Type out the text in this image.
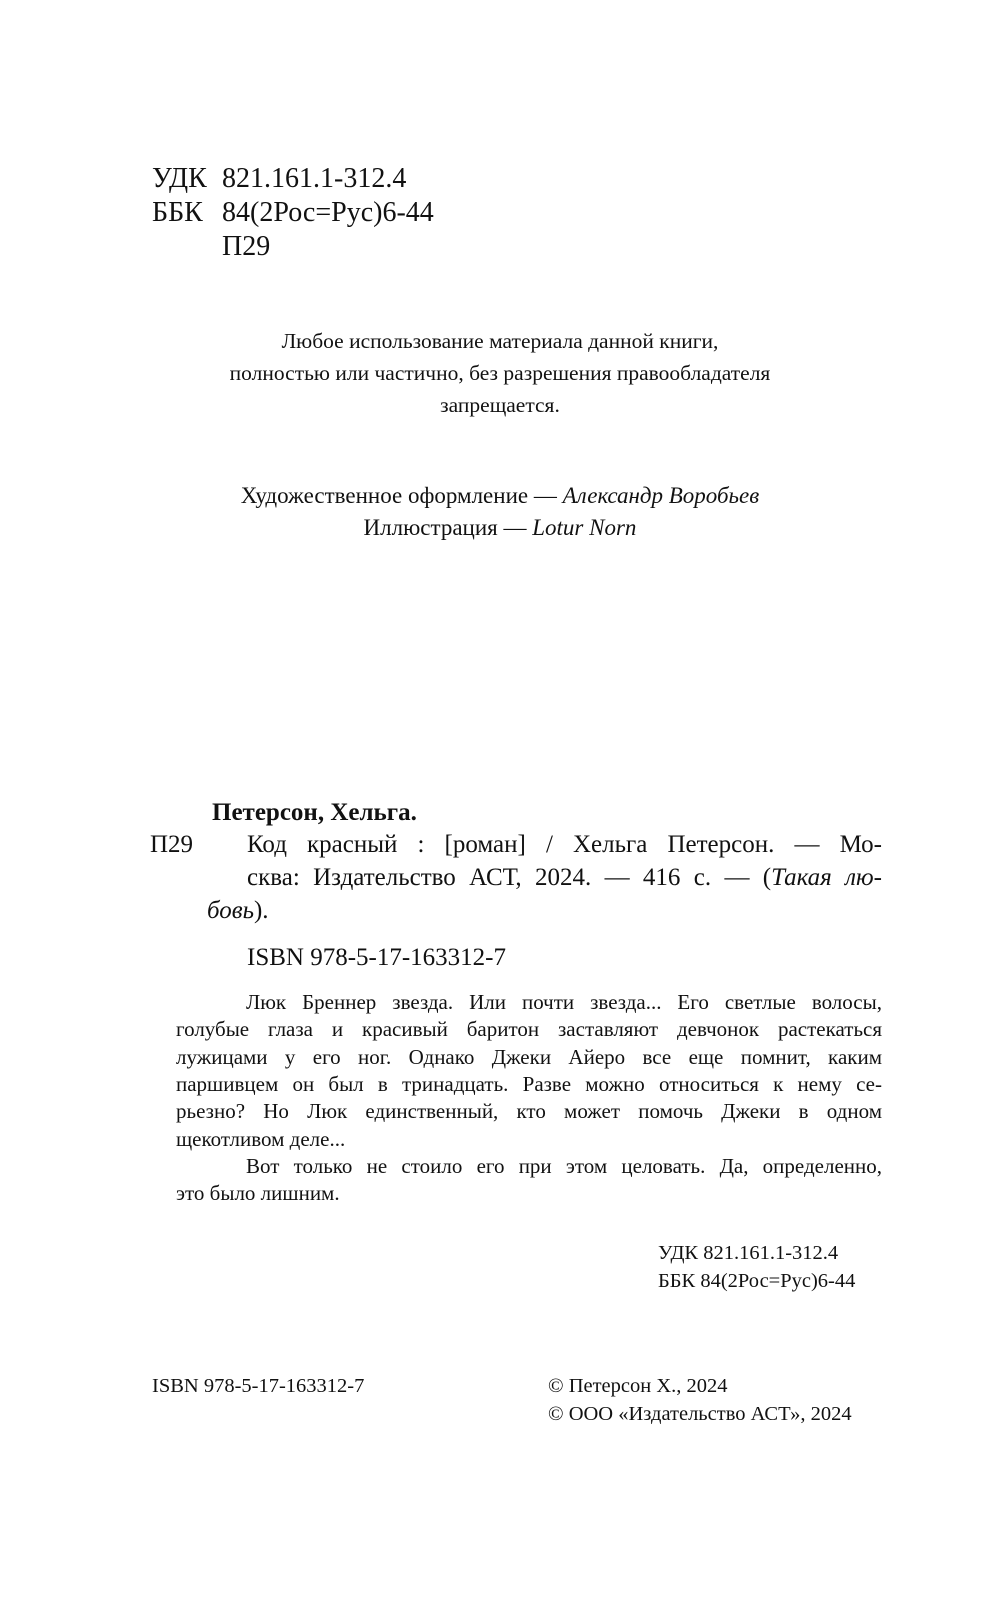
УДК 821.161.1-312.4
ББК 84(2Рос=Рус)6-44
П29
Любое использование материала данной книги,
полностью или частично, без разрешения правообладателя
запрещается.
Художественное оформление — Александр Воробьев
Иллюстрация — Lotur Norn
Петерсон, Хельга.
П29 Код красный : [роман] / Хельга Петерсон. — Мо-
сква: Издательство АСТ, 2024. — 416 с. — (Такая лю-
бовь).
ISBN 978-5-17-163312-7
Люк Бреннер звезда. Или почти звезда... Его светлые волосы,
голубые глаза и красивый баритон заставляют девчонок растекаться
лужицами у его ног. Однако Джеки Айеро все еще помнит, каким
паршивцем он был в тринадцать. Разве можно относиться к нему се-
рьезно? Но Люк единственный, кто может помочь Джеки в одном
щекотливом деле...
Вот только не стоило его при этом целовать. Да, определенно,
это было лишним.
УДК 821.161.1-312.4
ББК 84(2Рос=Рус)6-44
ISBN 978-5-17-163312-7	© Петерсон Х., 2024
© ООО «Издательство АСТ», 2024
